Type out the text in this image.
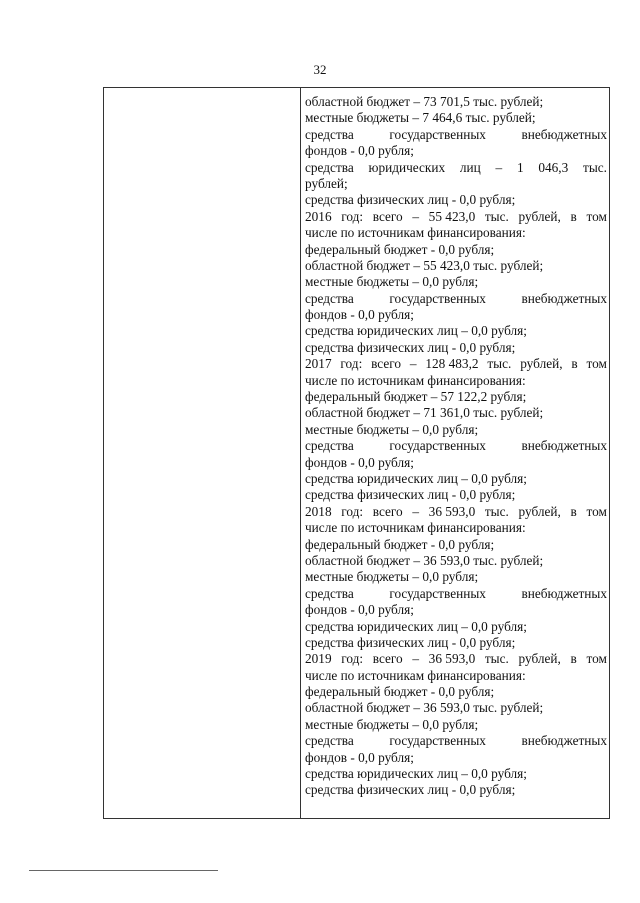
32
областной бюджет – 73 701,5 тыс. рублей;
местные бюджеты – 7 464,6 тыс. рублей;
средства	государственных	внебюджетных
фондов - 0,0 рубля;
средства юридических лиц – 1 046,3 тыс.
рублей;
средства физических лиц - 0,0 рубля;
2016 год: всего – 55 423,0 тыс. рублей, в том
числе по источникам финансирования:
федеральный бюджет - 0,0 рубля;
областной бюджет – 55 423,0 тыс. рублей;
местные бюджеты – 0,0 рубля;
средства	государственных	внебюджетных
фондов - 0,0 рубля;
средства юридических лиц – 0,0 рубля;
средства физических лиц - 0,0 рубля;
2017 год: всего – 128 483,2 тыс. рублей, в том
числе по источникам финансирования:
федеральный бюджет – 57 122,2 рубля;
областной бюджет – 71 361,0 тыс. рублей;
местные бюджеты – 0,0 рубля;
средства	государственных	внебюджетных
фондов - 0,0 рубля;
средства юридических лиц – 0,0 рубля;
средства физических лиц - 0,0 рубля;
2018 год: всего – 36 593,0 тыс. рублей, в том
числе по источникам финансирования:
федеральный бюджет - 0,0 рубля;
областной бюджет – 36 593,0 тыс. рублей;
местные бюджеты – 0,0 рубля;
средства	государственных	внебюджетных
фондов - 0,0 рубля;
средства юридических лиц – 0,0 рубля;
средства физических лиц - 0,0 рубля;
2019 год: всего – 36 593,0 тыс. рублей, в том
числе по источникам финансирования:
федеральный бюджет - 0,0 рубля;
областной бюджет – 36 593,0 тыс. рублей;
местные бюджеты – 0,0 рубля;
средства	государственных	внебюджетных
фондов - 0,0 рубля;
средства юридических лиц – 0,0 рубля;
средства физических лиц - 0,0 рубля;
